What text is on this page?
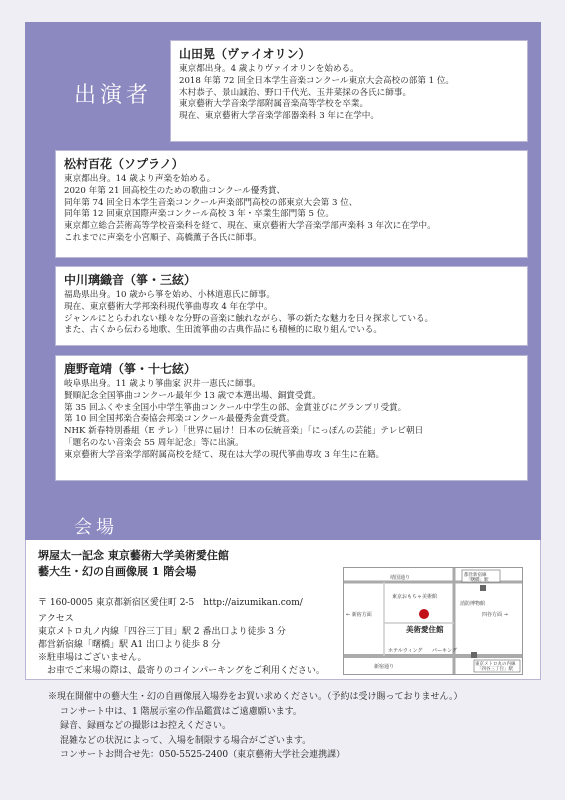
出演者

山田晃（ヴァイオリン）

東京都出身。4 歳よりヴァイオリンを始める。
2018 年第 72 回全日本学生音楽コンクール東京大会高校の部第 1 位。
木村恭子、景山誠治、野口千代光、玉井菜採の各氏に師事。
東京藝術大学音楽学部附属音楽高等学校を卒業。
現在、東京藝術大学音楽学部器楽科 3 年に在学中。

松村百花（ソプラノ）

東京都出身。14 歳より声楽を始める。
2020 年第 21 回高校生のための歌曲コンクール優秀賞、
同年第 74 回全日本学生音楽コンクール声楽部門高校の部東京大会第 3 位、
同年第 12 回東京国際声楽コンクール高校 3 年・卒業生部門第 5 位。
東京都立総合芸術高等学校音楽科を経て、現在、東京藝術大学音楽学部声楽科 3 年次に在学中。
これまでに声楽を小宮順子、高橋薫子各氏に師事。

中川璃織音（箏・三絃）

福島県出身。10 歳から箏を始め、小林道恵氏に師事。
現在、東京藝術大学邦楽科現代箏曲専攻 4 年在学中。
ジャンルにとらわれない様々な分野の音楽に触れながら、箏の新たな魅力を日々探求している。
また、古くから伝わる地歌、生田流箏曲の古典作品にも積極的に取り組んでいる。

鹿野竜靖（箏・十七絃）

岐阜県出身。11 歳より箏曲家 沢井一恵氏に師事。
賢順記念全国箏曲コンクール最年少 13 歳で本選出場、銅賞受賞。
第 35 回ふくやま全国小中学生箏曲コンクール中学生の部、金賞並びにグランプリ受賞。
第 10 回全国邦楽合奏協会邦楽コンクール最優秀金賞受賞。
NHK 新春特別番組（E テレ）「世界に届け！日本の伝統音楽」「にっぽんの芸能」テレビ朝日
「題名のない音楽会 55 周年記念」等に出演。
東京藝術大学音楽学部附属高校を経て、現在は大学の現代箏曲専攻 3 年生に在籍。

会場
堺屋太一記念 東京藝術大学美術愛住館
藝大生・幻の自画像展 1 階会場
〒 160-0005 東京都新宿区愛住町 2-5　http://aizumikan.com/
アクセス
東京メトロ丸ノ内線「四谷三丁目」駅 2 番出口より徒歩 3 分
都営新宿線「曙橋」駅 A1 出口より徒歩 8 分
※駐車場はございません。
　お車でご来場の際は、最寄りのコインパーキングをご利用ください。
美術愛住館
靖国通り
東京おもちゃ美術館
← 新宿方面	四谷方面 →
ホテルウィング パーキング
新宿通り
消防博物館
都営新宿線「曙橋」駅
東京メトロ丸の内線「四谷三丁目」駅
※現在開催中の藝大生・幻の自画像展入場券をお買い求めください。（予約は受け賜っておりません。）
コンサート中は、1 階展示室の作品鑑賞はご遠慮願います。
録音、録画などの撮影はお控えください。
混雑などの状況によって、入場を制限する場合がございます。
コンサートお問合せ先：050-5525-2400（東京藝術大学社会連携課）
